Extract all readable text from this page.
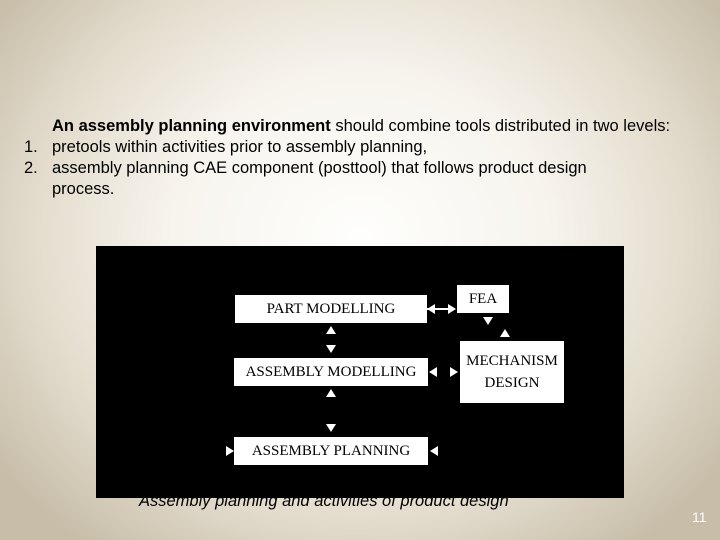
An assembly planning environment should combine tools distributed in two levels:

1. pretools within activities prior to assembly planning,
2. assembly planning CAE component (posttool) that follows product design process.
PART MODELLING
ASSEMBLY MODELLING
ASSEMBLY PLANNING
FEA
MECHANISM DESIGN
Assembly planning and activities of product design
11
